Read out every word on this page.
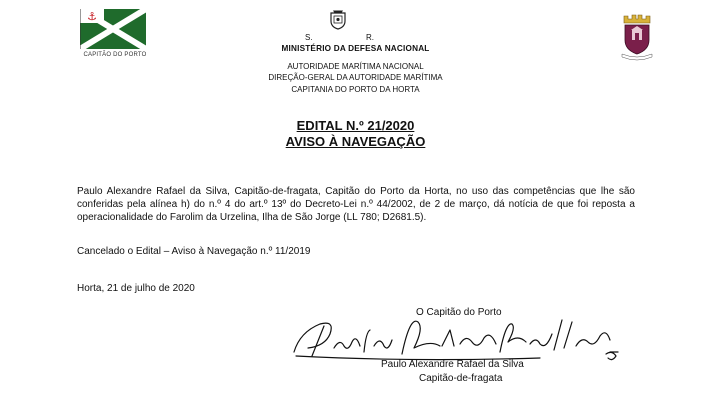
⚓
CAPITÃO DO PORTO
S.	R.
MINISTÉRIO DA DEFESA NACIONAL
AUTORIDADE MARÍTIMA NACIONAL
DIREÇÃO-GERAL DA AUTORIDADE MARÍTIMA
CAPITANIA DO PORTO DA HORTA
EDITAL N.º 21/2020
AVISO À NAVEGAÇÃO
Paulo Alexandre Rafael da Silva, Capitão-de-fragata, Capitão do Porto da Horta, no uso das competências que lhe são conferidas pela alínea h) do n.º 4 do art.º 13º do Decreto-Lei n.º 44/2002, de 2 de março, dá notícia de que foi reposta a operacionalidade do Farolim da Urzelina, Ilha de São Jorge (LL 780; D2681.5).
Cancelado o Edital – Aviso à Navegação n.º 11/2019
Horta, 21 de julho de 2020
O Capitão do Porto
Paulo Alexandre Rafael da Silva
Capitão-de-fragata
